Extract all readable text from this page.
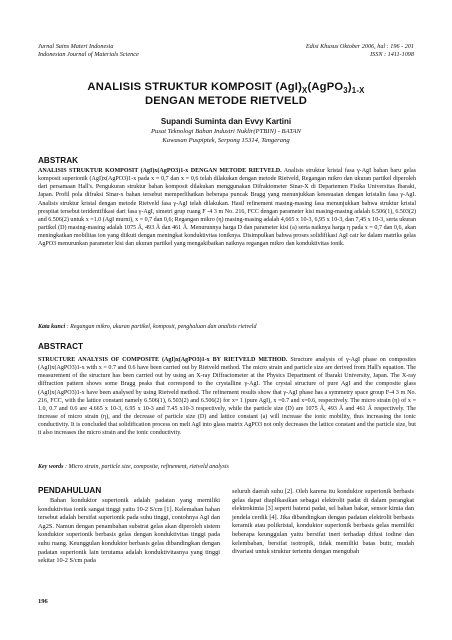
Jurnal Sains Materi Indonesia
Indonesian Journal of Materials Science
Edisi Khusus Oktober 2006, hal : 196 - 201
ISSN : 1411-1098
ANALISIS STRUKTUR KOMPOSIT $(AgI)_X(AgPO_3)_{1-X}$
DENGAN METODE RIETVELD
Supandi Suminta dan Evvy Kartini
Pusat Teknologi Bahan Industri Nuklir(PTBIN) - BATAN
Kawasan Puspiptek, Serpong 15314, Tangerang
ABSTRAK

ANALISIS STRUKTUR KOMPOSIT (AgI)x(AgPO3)1-x DENGAN METODE RIETVELD. Analisis struktur kristal fasa γ-AgI bahan baru gelas komposit superionik (AgI)x(AgPO3)1-x pada x = 0,7 dan x = 0,6 telah dilakukan dengan metode Rietveld, Regangan mikro dan ukuran partikel diperoleh dari persamaan Hall's. Pengukuran struktur bahan komposit dilakukan menggunakan Difraktometer Sinar-X di Departemen Fisika Universitas Ibaraki, Japan. Profil pola difraksi Sinar-x bahan tersebut memperlihatkan beberapa puncak Bragg yang menunjukkan kesesuaian dengan kristalin fasa γ-AgI. Analisis struktur kristal dengan metode Rietveld fasa γ-AgI telah dilakukan. Hasil refinement masing-masing fasa menunjukkan bahwa struktur kristal prespitat tersebut teridentifikasi dari fasa γ-AgI, simetri grup ruang F -4 3 m No. 216, FCC dengan parameter kisi masing-masing adalah 6.506(1), 6.503(2) and 6.506(2) untuk x =1.0 (AgI murni), x = 0,7 dan 0,6; Regangan mikro (η) masing-masing adalah 4,665 x 10-3, 6,95 x 10-3, dan 7,45 x 10-3, serta ukuran partikel (D) masing-masing adalah 1075 Å, 493 Å dan 461 Å. Menurunnya harga D dan parameter kisi (a) serta naiknya harga η pada x = 0,7 dan 0,6, akan meningkatkan mobilitas ion yang diikuti dengan meningkat konduktivitas ioniknya. Disimpulkan bahwa proses solidifikasi AgI cair ke dalam matriks gelas AgPO3 menurunkan parameter kisi dan ukuran partikel yang mengakibatkan naiknya regangan mikro dan konduktivitas ionik.

Kata kunci : Regangan mikro, ukuran partikel, komposit, penghaluan dan analisis rietveld
ABSTRACT

STRUCTURE ANALYSIS OF COMPOSITE (AgI)x(AgPO3)1-x BY RIETVELD METHOD. Structure analysis of γ-AgI phase on composites (AgI)x(AgPO3)1-x with x = 0.7 and 0.6 have been carried out by Rietveld method. The micro strain and particle size are derived from Hall's equation. The measurement of the structure has been carried out by using an X-ray Diffractometer at the Physics Department of Ibaraki University, Japan. The X-ray diffraction pattern shows some Bragg peaks that correspond to the crystalline γ-AgI. The crystal structure of pure AgI and the composite glass (AgI)x(AgPO3)1-x have been analysed by using Rietveld method. The refinement results show that γ-AgI phase has a symmetry space group F-4 3 m No. 216, FCC, with the lattice constant namely 6.506(1), 6.503(2) and 6.506(2) for x= 1 (pure AgI), x =0.7 and x=0.6, respectively. The micro strain (η) of x = 1.0, 0.7 and 0.6 are 4.665 x 10-3, 6.95 x 10-3 and 7.45 x10-3 respectively, while the particle size (D) are 1075 Å, 493 Å and 461 Å respectively. The increase of micro strain (η), and the decrease of particle size (D) and lattice constant (a) will increase the ionic mobility, thus increasing the ionic conductivity. It is concluded that solidification process on melt AgI into glass matrix AgPO3 not only decreases the lattice constant and the particle size, but it also increases the micro strain and the ionic conductivity.

Key words : Micro strain, particle size, composite, refinement, rietveld analysis
PENDAHULUAN

Bahan konduktor superionik adalah padatan yang memiliki konduktivitas ionik sangat tinggi yaitu 10-2 S/cm [1]. Kelemahan bahan tersebut adalah bersifat superionik pada suhu tinggi, contohnya AgI dan Ag2S. Namun dengan penambahan substrat gelas akan diperoleh sistem konduktor superionik berbasis gelas dengan konduktivitas tinggi pada suhu ruang. Keunggulan konduktor berbasis gelas dibandingkan dengan padatan superionik lain terutama adalah konduktivitasnya yang tinggi sekitar 10-2 S/cm pada

seluruh daerah suhu [2]. Oleh karena itu konduktor superionik berbasis gelas dapat diaplikasikan sebagai elektrolit padat di dalam perangkat elektrokimia [3] seperti baterai padat, sel bahan bakar, sensor kimia dan jendela cerdik [4]. Jika dibandingkan dengan padatan elektrolit berbasis keramik atau polikristal, konduktor superionik berbasis gelas memiliki beberapa keunggulan yaitu bersifat inert terhadap difusi iodine dan kelembaban, bersifat isotropik, tidak memiliki batas butir, mudah divariasi untuk struktur tertentu dengan mengubah

196
